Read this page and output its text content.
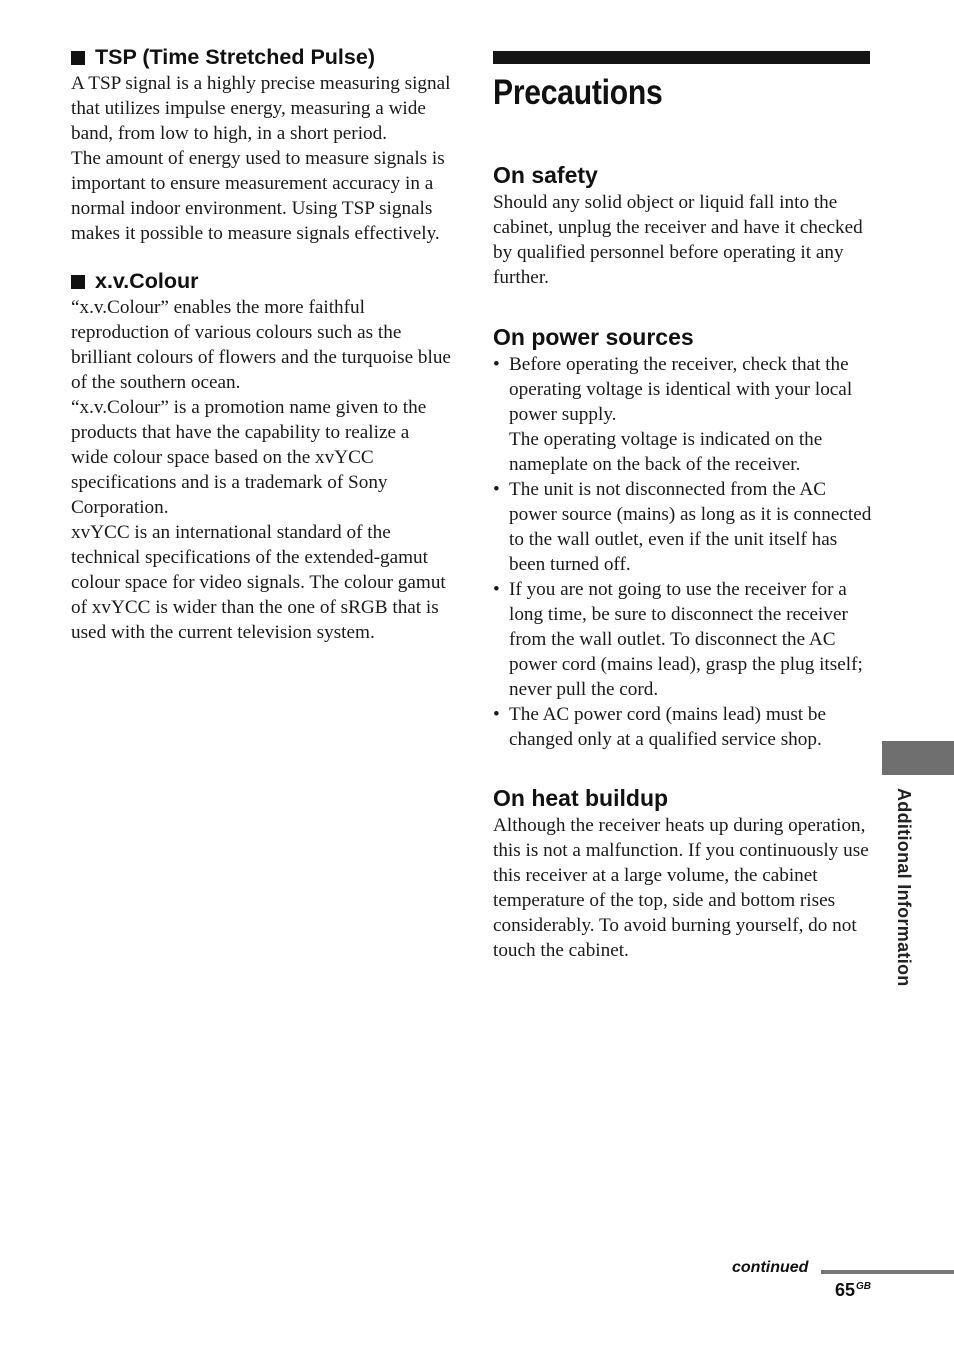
TSP (Time Stretched Pulse)

A TSP signal is a highly precise measuring signal that utilizes impulse energy, measuring a wide band, from low to high, in a short period.

The amount of energy used to measure signals is important to ensure measurement accuracy in a normal indoor environment. Using TSP signals makes it possible to measure signals effectively.

x.v.Colour

“x.v.Colour” enables the more faithful reproduction of various colours such as the brilliant colours of flowers and the turquoise blue of the southern ocean.

“x.v.Colour” is a promotion name given to the products that have the capability to realize a wide colour space based on the xvYCC specifications and is a trademark of Sony Corporation.

xvYCC is an international standard of the technical specifications of the extended-gamut colour space for video signals. The colour gamut of xvYCC is wider than the one of sRGB that is used with the current television system.

Precautions
On safety

Should any solid object or liquid fall into the cabinet, unplug the receiver and have it checked by qualified personnel before operating it any further.

On power sources
• Before operating the receiver, check that the operating voltage is identical with your local power supply.

The operating voltage is indicated on the nameplate on the back of the receiver.

• The unit is not disconnected from the AC power source (mains) as long as it is connected to the wall outlet, even if the unit itself has been turned off.

• If you are not going to use the receiver for a long time, be sure to disconnect the receiver from the wall outlet. To disconnect the AC power cord (mains lead), grasp the plug itself; never pull the cord.

• The AC power cord (mains lead) must be changed only at a qualified service shop.

On heat buildup

Although the receiver heats up during operation, this is not a malfunction. If you continuously use this receiver at a large volume, the cabinet temperature of the top, side and bottom rises considerably. To avoid burning yourself, do not touch the cabinet.	Additional Information
continued
$65^{GB}$
